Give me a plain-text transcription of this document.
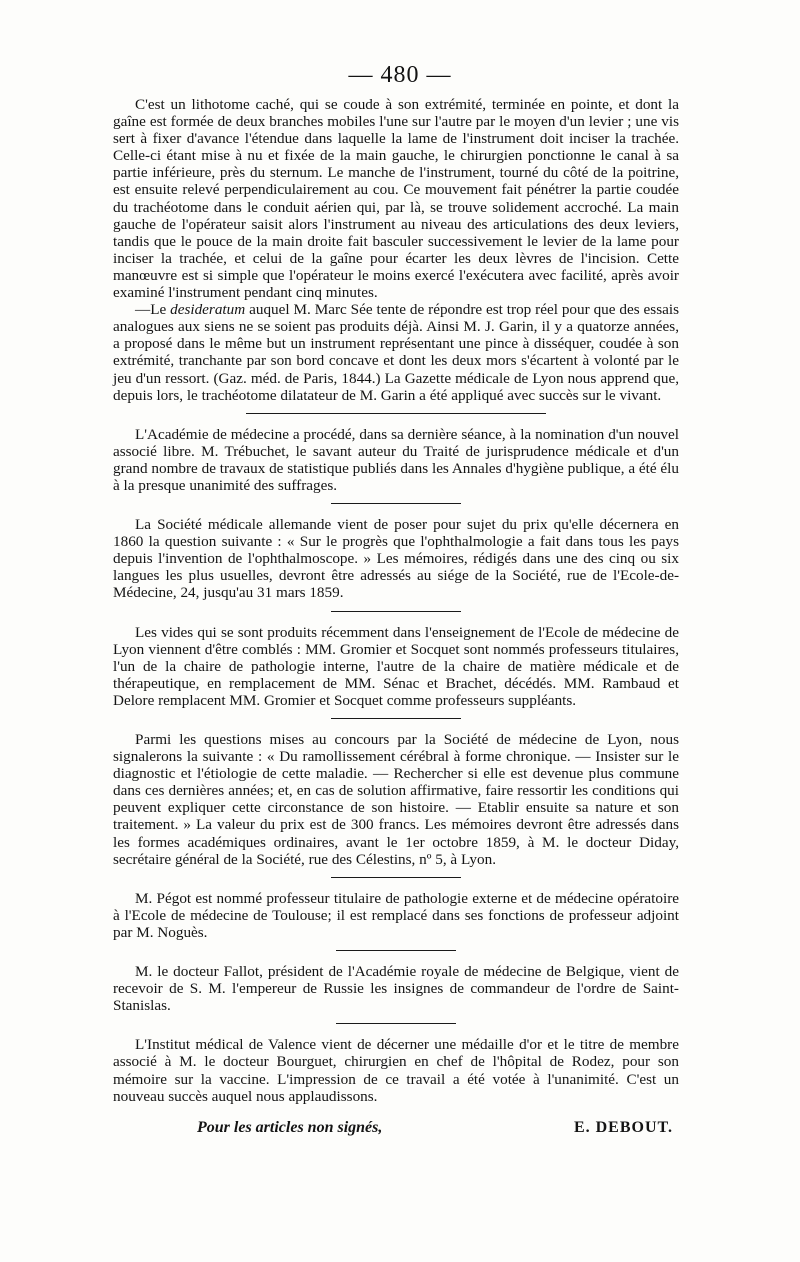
— 480 —

C'est un lithotome caché, qui se coude à son extrémité, terminée en pointe, et dont la gaîne est formée de deux branches mobiles l'une sur l'autre par le moyen d'un levier ; une vis sert à fixer d'avance l'étendue dans laquelle la lame de l'instrument doit inciser la trachée. Celle-ci étant mise à nu et fixée de la main gauche, le chirurgien ponctionne le canal à sa partie inférieure, près du sternum. Le manche de l'instrument, tourné du côté de la poitrine, est ensuite relevé perpendiculairement au cou. Ce mouvement fait pénétrer la partie coudée du trachéotome dans le conduit aérien qui, par là, se trouve solidement accroché. La main gauche de l'opérateur saisit alors l'instrument au niveau des articulations des deux leviers, tandis que le pouce de la main droite fait basculer successivement le levier de la lame pour inciser la trachée, et celui de la gaîne pour écarter les deux lèvres de l'incision. Cette manœuvre est si simple que l'opérateur le moins exercé l'exécutera avec facilité, après avoir examiné l'instrument pendant cinq minutes.

—Le desideratum auquel M. Marc Sée tente de répondre est trop réel pour que des essais analogues aux siens ne se soient pas produits déjà. Ainsi M. J. Garin, il y a quatorze années, a proposé dans le même but un instrument représentant une pince à disséquer, coudée à son extrémité, tranchante par son bord concave et dont les deux mors s'écartent à volonté par le jeu d'un ressort. (Gaz. méd. de Paris, 1844.) La Gazette médicale de Lyon nous apprend que, depuis lors, le trachéotome dilatateur de M. Garin a été appliqué avec succès sur le vivant.

L'Académie de médecine a procédé, dans sa dernière séance, à la nomination d'un nouvel associé libre. M. Trébuchet, le savant auteur du Traité de jurisprudence médicale et d'un grand nombre de travaux de statistique publiés dans les Annales d'hygiène publique, a été élu à la presque unanimité des suffrages.

La Société médicale allemande vient de poser pour sujet du prix qu'elle décernera en 1860 la question suivante : « Sur le progrès que l'ophthalmologie a fait dans tous les pays depuis l'invention de l'ophthalmoscope. » Les mémoires, rédigés dans une des cinq ou six langues les plus usuelles, devront être adressés au siége de la Société, rue de l'Ecole-de-Médecine, 24, jusqu'au 31 mars 1859.

Les vides qui se sont produits récemment dans l'enseignement de l'Ecole de médecine de Lyon viennent d'être comblés : MM. Gromier et Socquet sont nommés professeurs titulaires, l'un de la chaire de pathologie interne, l'autre de la chaire de matière médicale et de thérapeutique, en remplacement de MM. Sénac et Brachet, décédés. MM. Rambaud et Delore remplacent MM. Gromier et Socquet comme professeurs suppléants.

Parmi les questions mises au concours par la Société de médecine de Lyon, nous signalerons la suivante : « Du ramollissement cérébral à forme chronique. — Insister sur le diagnostic et l'étiologie de cette maladie. — Rechercher si elle est devenue plus commune dans ces dernières années; et, en cas de solution affirmative, faire ressortir les conditions qui peuvent expliquer cette circonstance de son histoire. — Etablir ensuite sa nature et son traitement. » La valeur du prix est de 300 francs. Les mémoires devront être adressés dans les formes académiques ordinaires, avant le 1er octobre 1859, à M. le docteur Diday, secrétaire général de la Société, rue des Célestins, nº 5, à Lyon.

M. Pégot est nommé professeur titulaire de pathologie externe et de médecine opératoire à l'Ecole de médecine de Toulouse; il est remplacé dans ses fonctions de professeur adjoint par M. Noguès.

M. le docteur Fallot, président de l'Académie royale de médecine de Belgique, vient de recevoir de S. M. l'empereur de Russie les insignes de commandeur de l'ordre de Saint-Stanislas.

L'Institut médical de Valence vient de décerner une médaille d'or et le titre de membre associé à M. le docteur Bourguet, chirurgien en chef de l'hôpital de Rodez, pour son mémoire sur la vaccine. L'impression de ce travail a été votée à l'unanimité. C'est un nouveau succès auquel nous applaudissons.

Pour les articles non signés,	E. DEBOUT.
